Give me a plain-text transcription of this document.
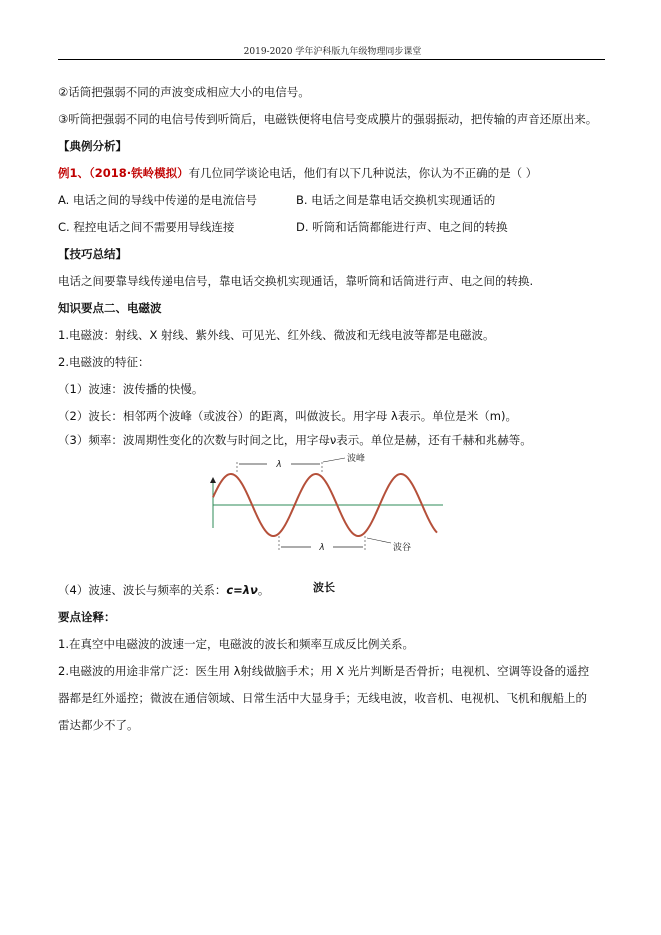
2019-2020 学年沪科版九年级物理同步课堂
②话筒把强弱不同的声波变成相应大小的电信号。
③听筒把强弱不同的电信号传到听筒后，电磁铁便将电信号变成膜片的强弱振动，把传输的声音还原出来。
【典例分析】
例1、（2018·铁岭模拟）有几位同学谈论电话，他们有以下几种说法，你认为不正确的是（ ）
A. 电话之间的导线中传递的是电流信号	B. 电话之间是靠电话交换机实现通话的
C. 程控电话之间不需要用导线连接	D. 听筒和话筒都能进行声、电之间的转换
【技巧总结】
电话之间要靠导线传递电信号，靠电话交换机实现通话，靠听筒和话筒进行声、电之间的转换.
知识要点二、电磁波
1.电磁波：射线、X 射线、紫外线、可见光、红外线、微波和无线电波等都是电磁波。
2.电磁波的特征：
（1）波速：波传播的快慢。
（2）波长：相邻两个波峰（或波谷）的距离，叫做波长。用字母 λ表示。单位是米（m)。
（3）频率：波周期性变化的次数与时间之比，用字母ν表示。单位是赫，还有千赫和兆赫等。
λ
波峰
λ	波谷
波长
（4）波速、波长与频率的关系：c=λν。
要点诠释：
1.在真空中电磁波的波速一定，电磁波的波长和频率互成反比例关系。
2.电磁波的用途非常广泛：医生用 λ射线做脑手术；用 X 光片判断是否骨折；电视机、空调等设备的遥控
器都是红外遥控；微波在通信领域、日常生活中大显身手；无线电波，收音机、电视机、飞机和舰船上的
雷达都少不了。
